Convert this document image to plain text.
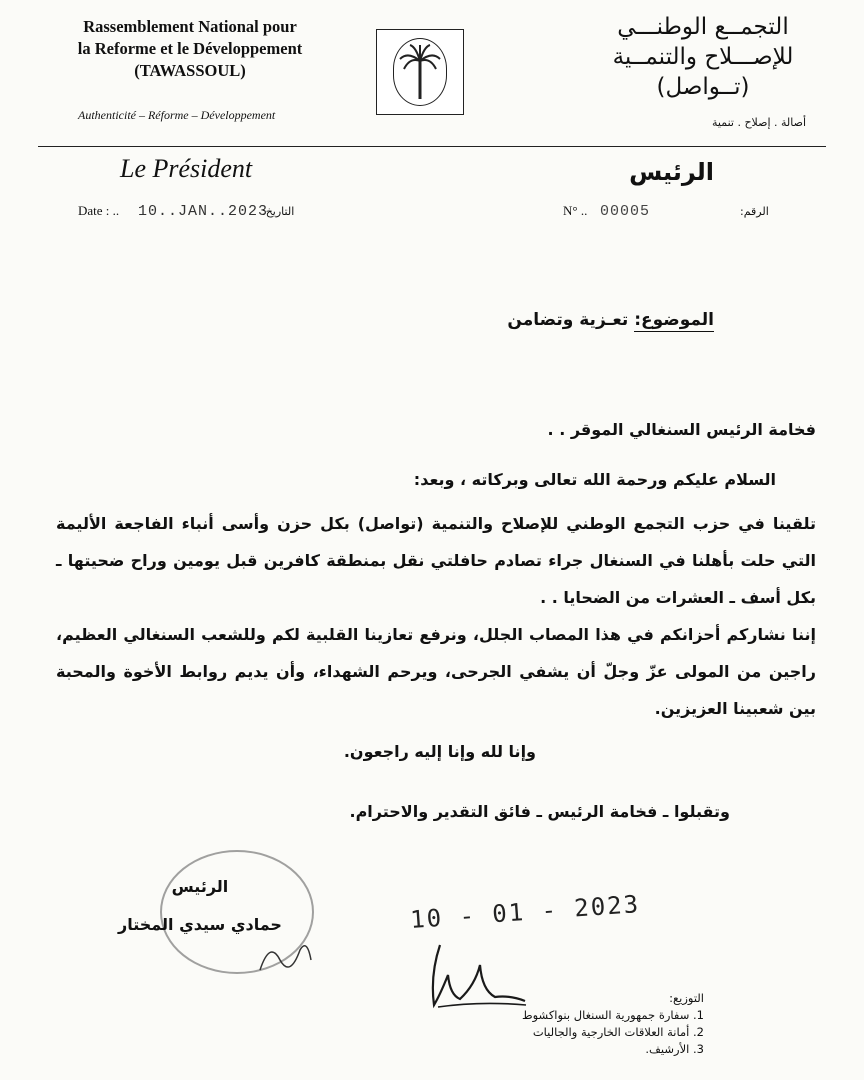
Rassemblement National pour
la Reforme et le Développement
(TAWASSOUL)
Authenticité – Réforme – Développement
التجمــع الوطنـــي
للإصـــلاح والتنمــية
(تــواصل)
أصالة . إصلاح . تنمية
Le Président	الرئيس
Date : .. 10..JAN..2023
التاريخ:	N° .. 00005	الرقم:
الموضوع: تعـزية وتضامن
فخامة الرئيس السنغالي الموقر . .
السلام عليكم ورحمة الله تعالى وبركاته ، وبعد:
تلقينا في حزب التجمع الوطني للإصلاح والتنمية (تواصل) بكل حزن وأسى أنباء الفاجعة الأليمة التي حلت بأهلنا في السنغال جراء تصادم حافلتي نقل بمنطقة كافرين قبل يومين وراح ضحيتها ـ بكل أسف ـ العشرات من الضحايا . .
إننا نشاركم أحزانكم في هذا المصاب الجلل، ونرفع تعازينا القلبية لكم وللشعب السنغالي العظيم، راجين من المولى عزّ وجلّ أن يشفي الجرحى، ويرحم الشهداء، وأن يديم روابط الأخوة والمحبة بين شعبينا العزيزين.
وإنا لله وإنا إليه راجعون.
وتقبلوا ـ فخامة الرئيس ـ فائق التقدير والاحترام.
الرئيس
حمادي سيدي المختار	10 - 01 - 2023
التوزيع:
1. سفارة جمهورية السنغال بنواكشوط
2. أمانة العلاقات الخارجية والجاليات
3. الأرشيف.
